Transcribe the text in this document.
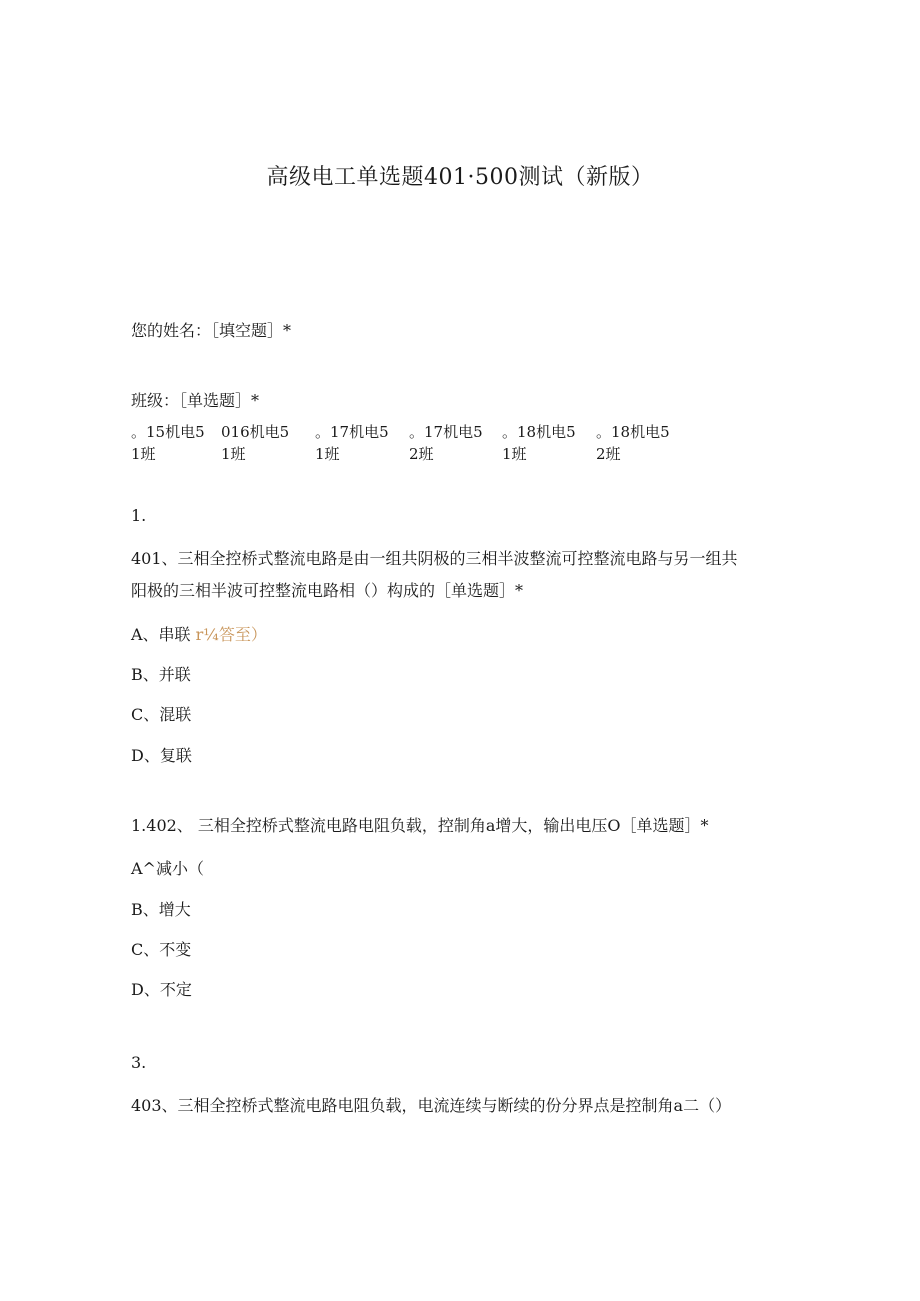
高级电工单选题401·500测试（新版）
您的姓名：［填空题］*
班级：［单选题］*
。15机电5
1班
016机电5
1班
。17机电5
1班
。17机电5
2班
。18机电5
1班
。18机电5
2班
1.
401、三相全控桥式整流电路是由一组共阴极的三相半波整流可控整流电路与另一组共
阳极的三相半波可控整流电路相（）构成的［单选题］*
A、串联 r¼答至）
B、并联
C、混联
D、复联
1.402、 三相全控桥式整流电路电阻负载，控制角a增大，输出电压O［单选题］*
A^减小（
B、增大
C、不变
D、不定
3.
403、三相全控桥式整流电路电阻负载，电流连续与断续的份分界点是控制角a二（）
